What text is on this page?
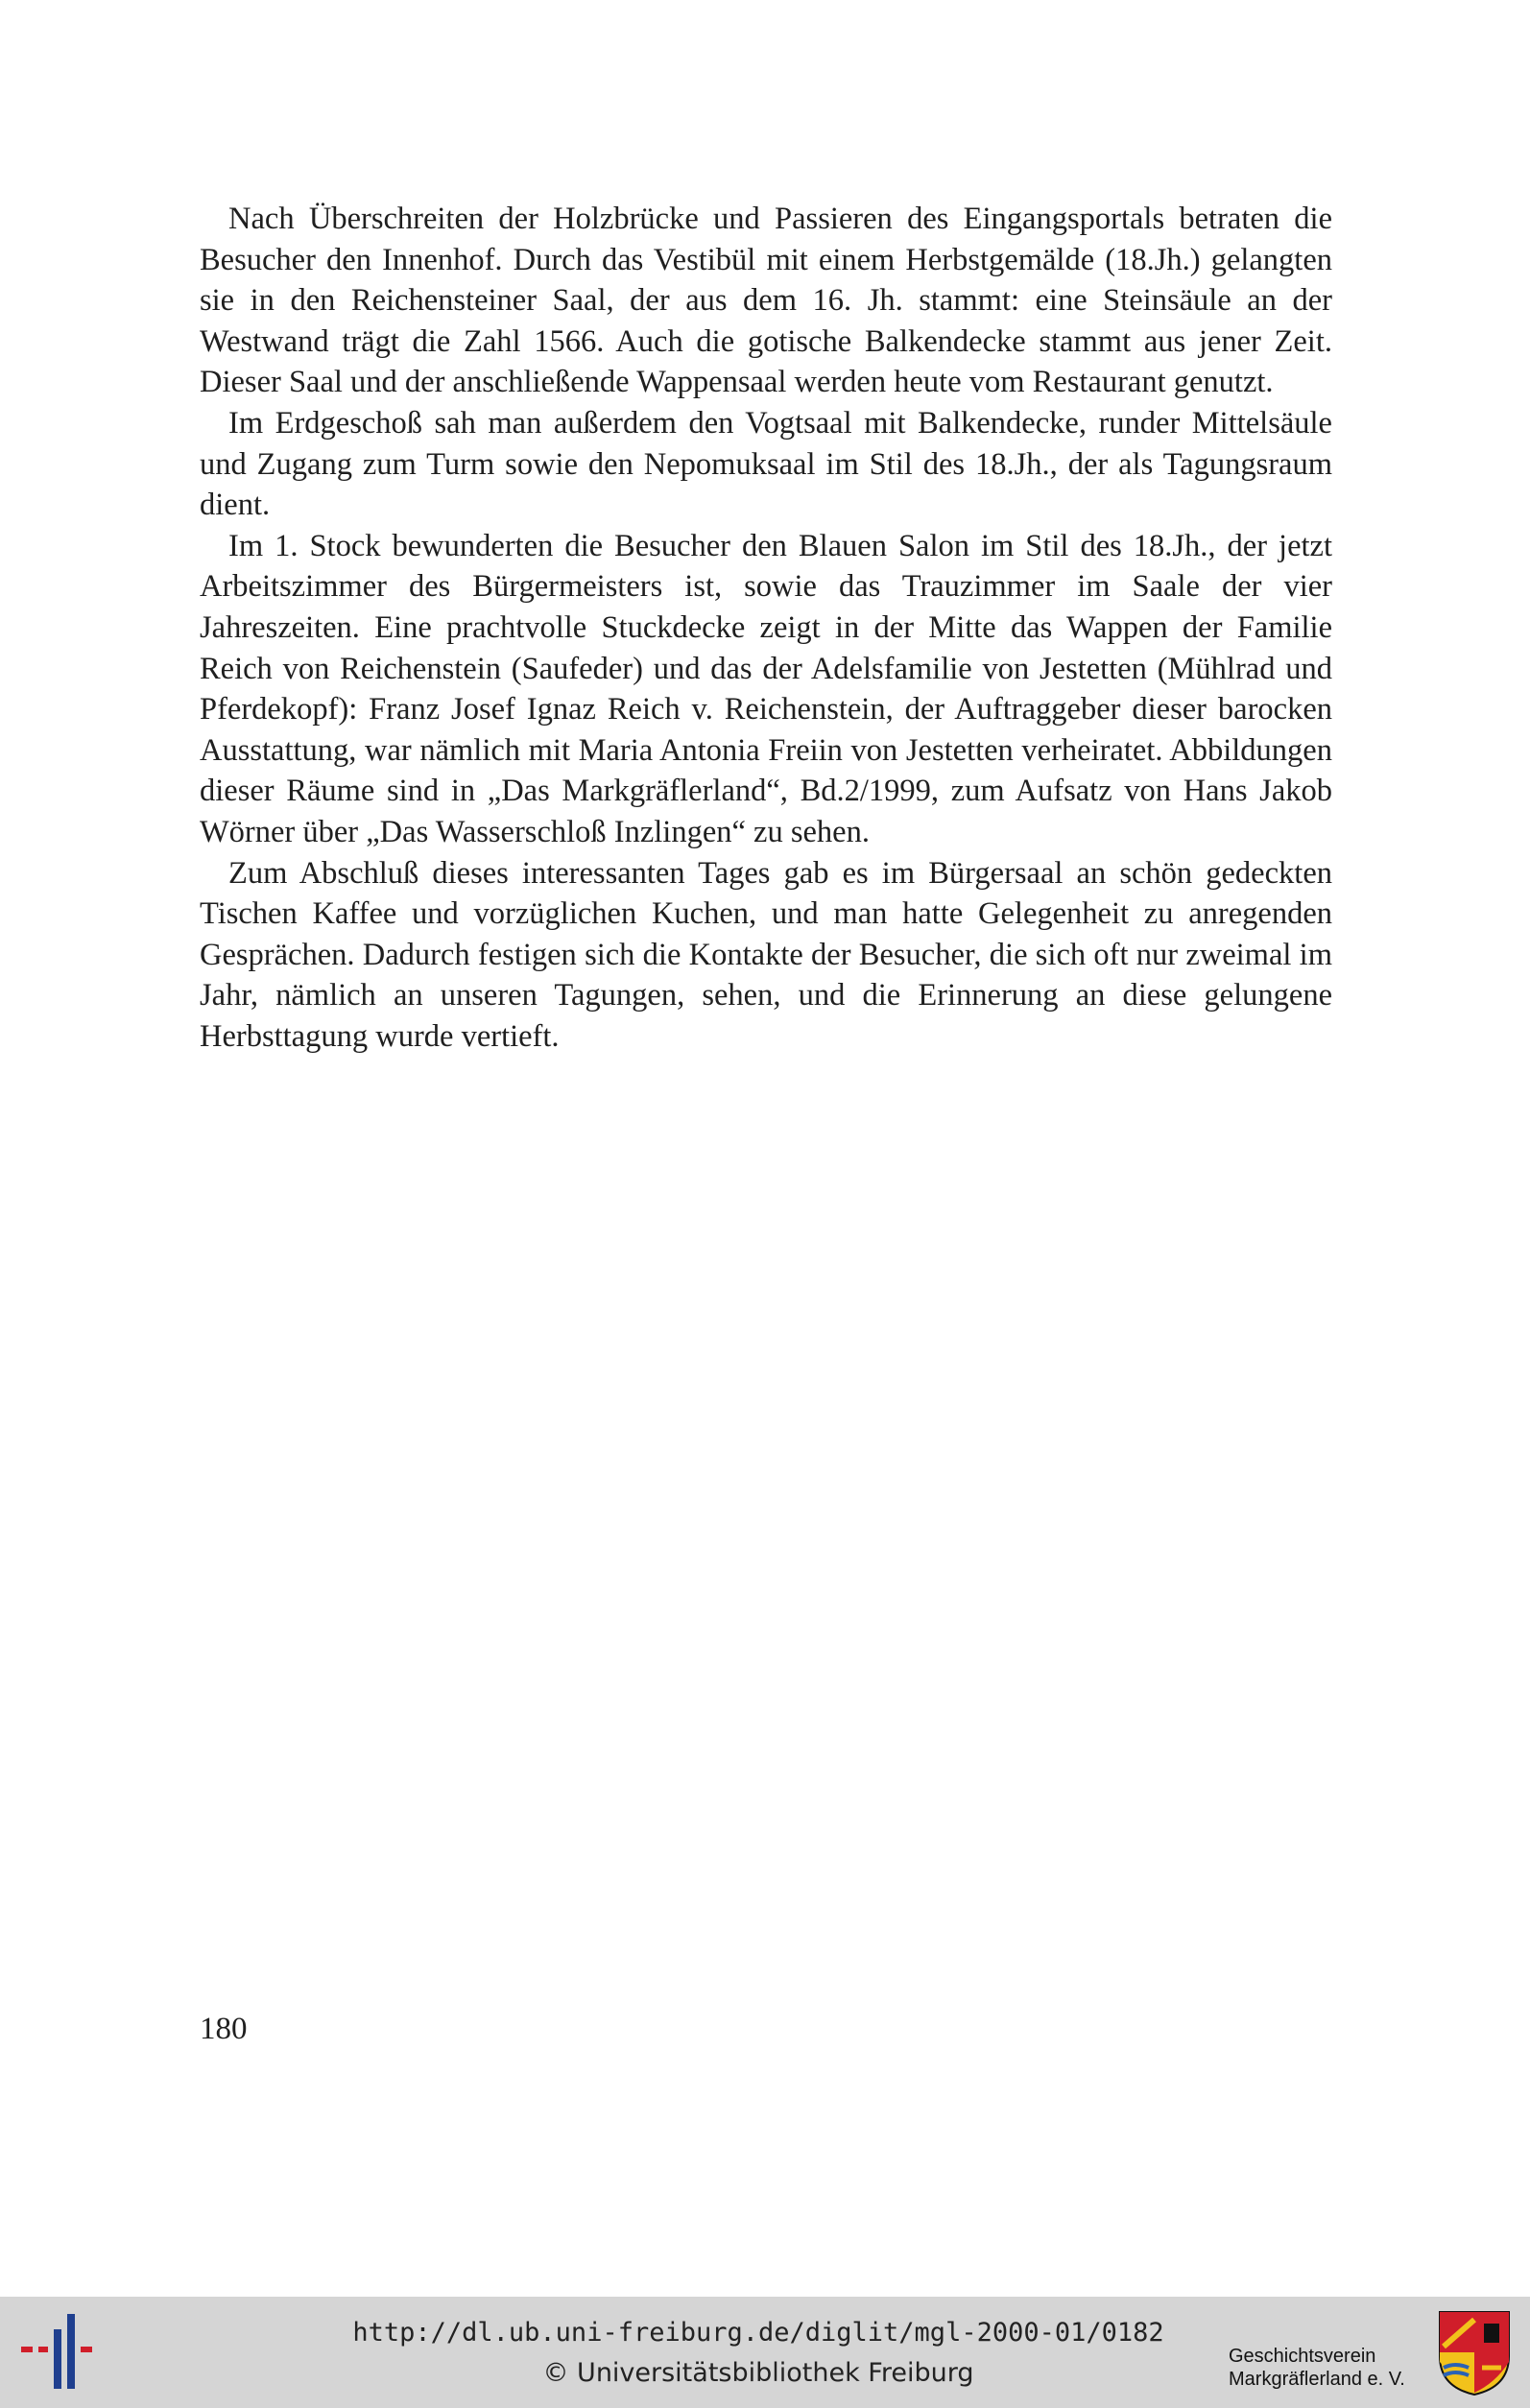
Nach Überschreiten der Holzbrücke und Passieren des Eingangsportals betraten die Besucher den Innenhof. Durch das Vestibül mit einem Herbstgemälde (18.Jh.) gelangten sie in den Reichensteiner Saal, der aus dem 16. Jh. stammt: eine Steinsäule an der Westwand trägt die Zahl 1566. Auch die gotische Balkendecke stammt aus jener Zeit. Dieser Saal und der anschließende Wappensaal werden heute vom Restaurant genutzt.

Im Erdgeschoß sah man außerdem den Vogtsaal mit Balkendecke, runder Mittelsäule und Zugang zum Turm sowie den Nepomuksaal im Stil des 18.Jh., der als Tagungsraum dient.

Im 1. Stock bewunderten die Besucher den Blauen Salon im Stil des 18.Jh., der jetzt Arbeitszimmer des Bürgermeisters ist, sowie das Trauzimmer im Saale der vier Jahreszeiten. Eine prachtvolle Stuckdecke zeigt in der Mitte das Wappen der Familie Reich von Reichenstein (Saufeder) und das der Adelsfamilie von Jestetten (Mühlrad und Pferdekopf): Franz Josef Ignaz Reich v. Reichenstein, der Auftraggeber dieser barocken Ausstattung, war nämlich mit Maria Antonia Freiin von Jestetten verheiratet. Abbildungen dieser Räume sind in „Das Markgräflerland“, Bd.2/1999, zum Aufsatz von Hans Jakob Wörner über „Das Wasserschloß Inzlingen“ zu sehen.

Zum Abschluß dieses interessanten Tages gab es im Bürgersaal an schön gedeckten Tischen Kaffee und vorzüglichen Kuchen, und man hatte Gelegenheit zu anregenden Gesprächen. Dadurch festigen sich die Kontakte der Besucher, die sich oft nur zweimal im Jahr, nämlich an unseren Tagungen, sehen, und die Erinnerung an diese gelungene Herbsttagung wurde vertieft.

180
http://dl.ub.uni-freiburg.de/diglit/mgl-2000-01/0182
© Universitätsbibliothek Freiburg
Geschichtsverein
Markgräflerland e. V.
